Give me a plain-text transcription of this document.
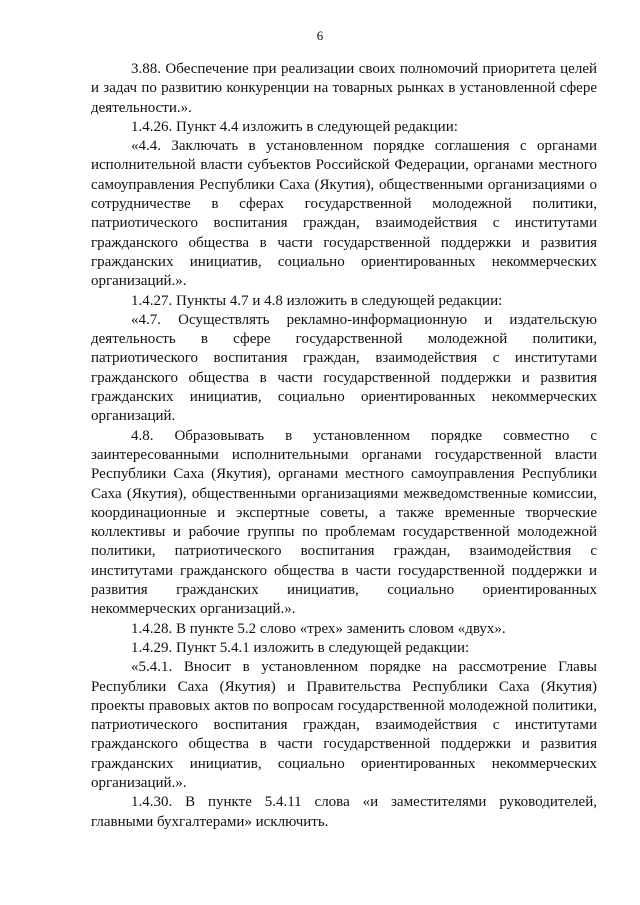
6

3.88. Обеспечение при реализации своих полномочий приоритета целей и задач по развитию конкуренции на товарных рынках в установленной сфере деятельности.».

1.4.26. Пункт 4.4 изложить в следующей редакции:

«4.4. Заключать в установленном порядке соглашения с органами исполнительной власти субъектов Российской Федерации, органами местного самоуправления Республики Саха (Якутия), общественными организациями о сотрудничестве в сферах государственной молодежной политики, патриотического воспитания граждан, взаимодействия с институтами гражданского общества в части государственной поддержки и развития гражданских инициатив, социально ориентированных некоммерческих организаций.».

1.4.27. Пункты 4.7 и 4.8 изложить в следующей редакции:

«4.7. Осуществлять рекламно-информационную и издательскую деятельность в сфере государственной молодежной политики, патриотического воспитания граждан, взаимодействия с институтами гражданского общества в части государственной поддержки и развития гражданских инициатив, социально ориентированных некоммерческих организаций.

4.8. Образовывать в установленном порядке совместно с заинтересованными исполнительными органами государственной власти Республики Саха (Якутия), органами местного самоуправления Республики Саха (Якутия), общественными организациями межведомственные комиссии, координационные и экспертные советы, а также временные творческие коллективы и рабочие группы по проблемам государственной молодежной политики, патриотического воспитания граждан, взаимодействия с институтами гражданского общества в части государственной поддержки и развития гражданских инициатив, социально ориентированных некоммерческих организаций.».

1.4.28. В пункте 5.2 слово «трех» заменить словом «двух».

1.4.29. Пункт 5.4.1 изложить в следующей редакции:

«5.4.1. Вносит в установленном порядке на рассмотрение Главы Республики Саха (Якутия) и Правительства Республики Саха (Якутия) проекты правовых актов по вопросам государственной молодежной политики, патриотического воспитания граждан, взаимодействия с институтами гражданского общества в части государственной поддержки и развития гражданских инициатив, социально ориентированных некоммерческих организаций.».

1.4.30. В пункте 5.4.11 слова «и заместителями руководителей, главными бухгалтерами» исключить.
